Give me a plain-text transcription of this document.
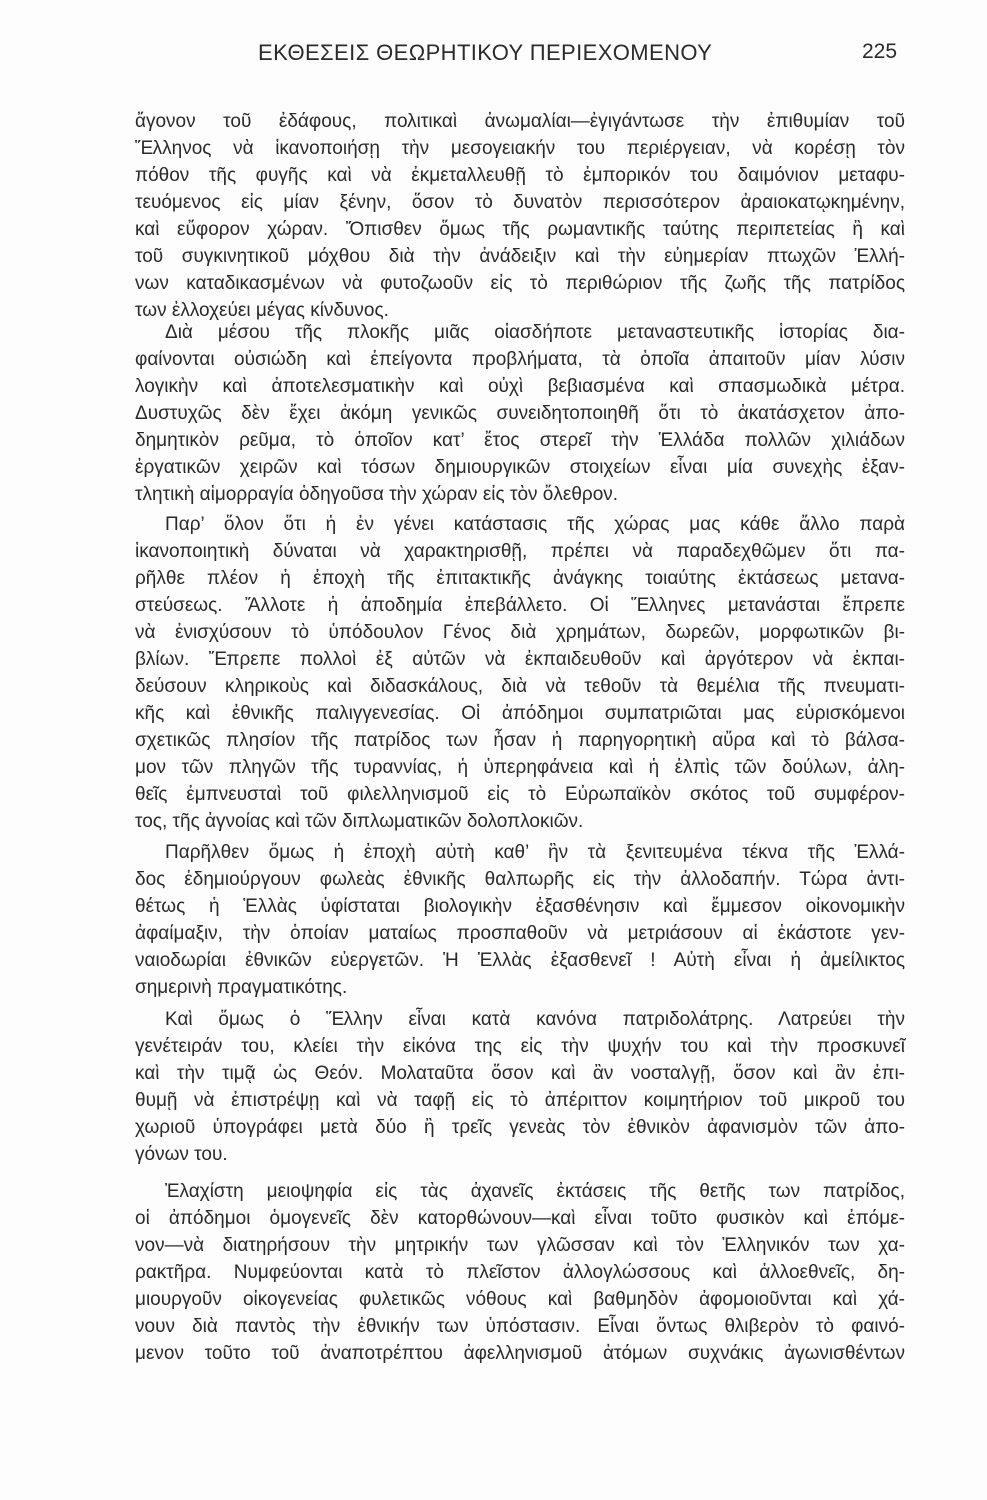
ΕΚΘΕΣΕΙΣ ΘΕΩΡΗΤΙΚΟΥ ΠΕΡΙΕΧΟΜΕΝΟΥ	225
ἄγονον τοῦ ἐδάφους, πολιτικαὶ ἀνωμαλίαι—ἐγιγάντωσε τὴν ἐπιθυμίαν τοῦ
Ἕλληνος νὰ ἱκανοποιήσῃ τὴν μεσογειακήν του περιέργειαν, νὰ κορέσῃ τὸν
πόθον τῆς φυγῆς καὶ νὰ ἐκμεταλλευθῇ τὸ ἐμπορικόν του δαιμόνιον μεταφυ-
τευόμενος εἰς μίαν ξένην, ὅσον τὸ δυνατὸν περισσότερον ἀραιοκατῳκημένην,
καὶ εὔφορον χώραν. Ὄπισθεν ὅμως τῆς ρωμαντικῆς ταύτης περιπετείας ἢ καὶ
τοῦ συγκινητικοῦ μόχθου διὰ τὴν ἀνάδειξιν καὶ τὴν εὐημερίαν πτωχῶν Ἑλλή-
νων καταδικασμένων νὰ φυτοζωοῦν εἰς τὸ περιθώριον τῆς ζωῆς τῆς πατρίδος
των ἐλλοχεύει μέγας κίνδυνος.
Διὰ μέσου τῆς πλοκῆς μιᾶς οἱασδήποτε μεταναστευτικῆς ἱστορίας δια-
φαίνονται οὐσιώδη καὶ ἐπείγοντα προβλήματα, τὰ ὁποῖα ἀπαιτοῦν μίαν λύσιν
λογικὴν καὶ ἀποτελεσματικὴν καὶ οὐχὶ βεβιασμένα καὶ σπασμωδικὰ μέτρα.
Δυστυχῶς δὲν ἔχει ἀκόμη γενικῶς συνειδητοποιηθῆ ὅτι τὸ ἀκατάσχετον ἀπο-
δημητικὸν ρεῦμα, τὸ ὁποῖον κατ’ ἔτος στερεῖ τὴν Ἑλλάδα πολλῶν χιλιάδων
ἐργατικῶν χειρῶν καὶ τόσων δημιουργικῶν στοιχείων εἶναι μία συνεχὴς ἐξαν-
τλητικὴ αἱμορραγία ὁδηγοῦσα τὴν χώραν εἰς τὸν ὄλεθρον.
Παρ’ ὅλον ὅτι ἡ ἐν γένει κατάστασις τῆς χώρας μας κάθε ἄλλο παρὰ
ἱκανοποιητικὴ δύναται νὰ χαρακτηρισθῇ, πρέπει νὰ παραδεχθῶμεν ὅτι πα-
ρῆλθε πλέον ἡ ἐποχὴ τῆς ἐπιτακτικῆς ἀνάγκης τοιαύτης ἐκτάσεως μετανα-
στεύσεως. Ἄλλοτε ἡ ἀποδημία ἐπεβάλλετο. Οἱ Ἕλληνες μετανάσται ἔπρεπε
νὰ ἐνισχύσουν τὸ ὑπόδουλον Γένος διὰ χρημάτων, δωρεῶν, μορφωτικῶν βι-
βλίων. Ἔπρεπε πολλοὶ ἐξ αὐτῶν νὰ ἐκπαιδευθοῦν καὶ ἀργότερον νὰ ἐκπαι-
δεύσουν κληρικοὺς καὶ διδασκάλους, διὰ νὰ τεθοῦν τὰ θεμέλια τῆς πνευματι-
κῆς καὶ ἐθνικῆς παλιγγενεσίας. Οἱ ἀπόδημοι συμπατριῶται μας εὑρισκόμενοι
σχετικῶς πλησίον τῆς πατρίδος των ἦσαν ἡ παρηγορητικὴ αὔρα καὶ τὸ βάλσα-
μον τῶν πληγῶν τῆς τυραννίας, ἡ ὑπερηφάνεια καὶ ἡ ἐλπὶς τῶν δούλων, ἀλη-
θεῖς ἐμπνευσταὶ τοῦ φιλελληνισμοῦ εἰς τὸ Εὐρωπαϊκὸν σκότος τοῦ συμφέρον-
τος, τῆς ἀγνοίας καὶ τῶν διπλωματικῶν δολοπλοκιῶν.
Παρῆλθεν ὅμως ἡ ἐποχὴ αὐτὴ καθ’ ἣν τὰ ξενιτευμένα τέκνα τῆς Ἑλλά-
δος ἐδημιούργουν φωλεὰς ἐθνικῆς θαλπωρῆς εἰς τὴν ἀλλοδαπήν. Τώρα ἀντι-
θέτως ἡ Ἑλλὰς ὑφίσταται βιολογικὴν ἐξασθένησιν καὶ ἔμμεσον οἰκονομικὴν
ἀφαίμαξιν, τὴν ὁποίαν ματαίως προσπαθοῦν νὰ μετριάσουν αἱ ἑκάστοτε γεν-
ναιοδωρίαι ἐθνικῶν εὐεργετῶν. Ἡ Ἑλλὰς ἐξασθενεῖ ! Αὐτὴ εἶναι ἡ ἀμείλικτος
σημερινὴ πραγματικότης.
Καὶ ὅμως ὁ Ἕλλην εἶναι κατὰ κανόνα πατριδολάτρης. Λατρεύει τὴν
γενέτειράν του, κλείει τὴν εἰκόνα της εἰς τὴν ψυχήν του καὶ τὴν προσκυνεῖ
καὶ τὴν τιμᾷ ὡς Θεόν. Μολαταῦτα ὅσον καὶ ἂν νοσταλγῇ, ὅσον καὶ ἂν ἐπι-
θυμῇ νὰ ἐπιστρέψῃ καὶ νὰ ταφῇ εἰς τὸ ἀπέριττον κοιμητήριον τοῦ μικροῦ του
χωριοῦ ὑπογράφει μετὰ δύο ἢ τρεῖς γενεὰς τὸν ἐθνικὸν ἀφανισμὸν τῶν ἀπο-
γόνων του.
Ἐλαχίστη μειοψηφία εἰς τὰς ἀχανεῖς ἐκτάσεις τῆς θετῆς των πατρίδος,
οἱ ἀπόδημοι ὁμογενεῖς δὲν κατορθώνουν—καὶ εἶναι τοῦτο φυσικὸν καὶ ἐπόμε-
νον—νὰ διατηρήσουν τὴν μητρικήν των γλῶσσαν καὶ τὸν Ἑλληνικόν των χα-
ρακτῆρα. Νυμφεύονται κατὰ τὸ πλεῖστον ἀλλογλώσσους καὶ ἀλλοεθνεῖς, δη-
μιουργοῦν οἰκογενείας φυλετικῶς νόθους καὶ βαθμηδὸν ἀφομοιοῦνται καὶ χά-
νουν διὰ παντὸς τὴν ἐθνικήν των ὑπόστασιν. Εἶναι ὄντως θλιβερὸν τὸ φαινό-
μενον τοῦτο τοῦ ἀναποτρέπτου ἀφελληνισμοῦ ἀτόμων συχνάκις ἀγωνισθέντων
